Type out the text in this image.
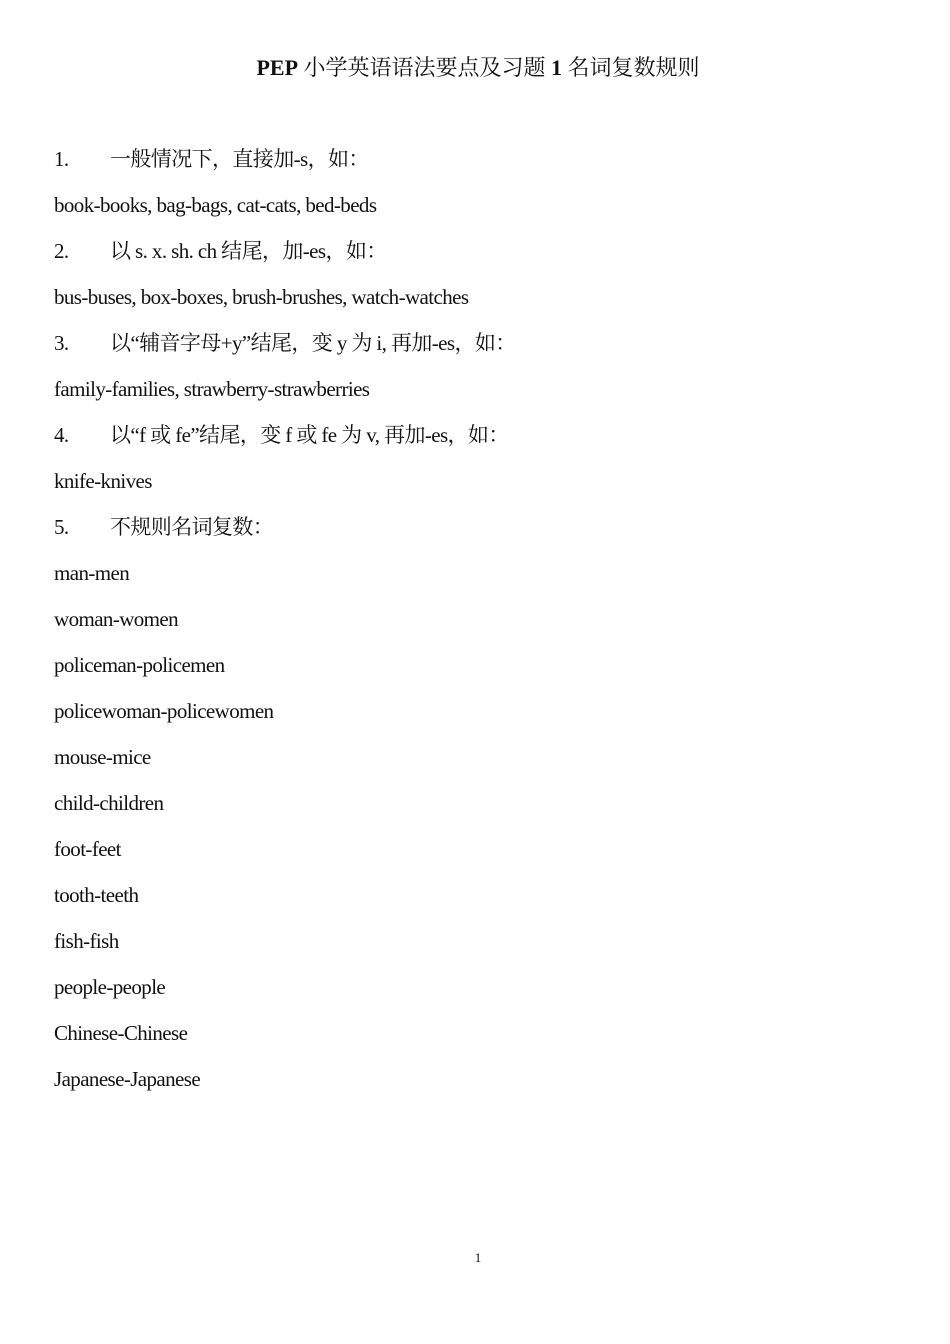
PEP 小学英语语法要点及习题 1 名词复数规则
1. 一般情况下，直接加-s，如：
book-books, bag-bags, cat-cats, bed-beds
2. 以 s. x. sh. ch 结尾，加-es，如：
bus-buses, box-boxes, brush-brushes, watch-watches
3. 以“辅音字母+y”结尾，变 y 为 i, 再加-es，如：
family-families, strawberry-strawberries
4. 以“f 或 fe”结尾，变 f 或 fe 为 v, 再加-es，如：
knife-knives
5. 不规则名词复数：
man-men
woman-women
policeman-policemen
policewoman-policewomen
mouse-mice
child-children
foot-feet
tooth-teeth
fish-fish
people-people
Chinese-Chinese
Japanese-Japanese
1
